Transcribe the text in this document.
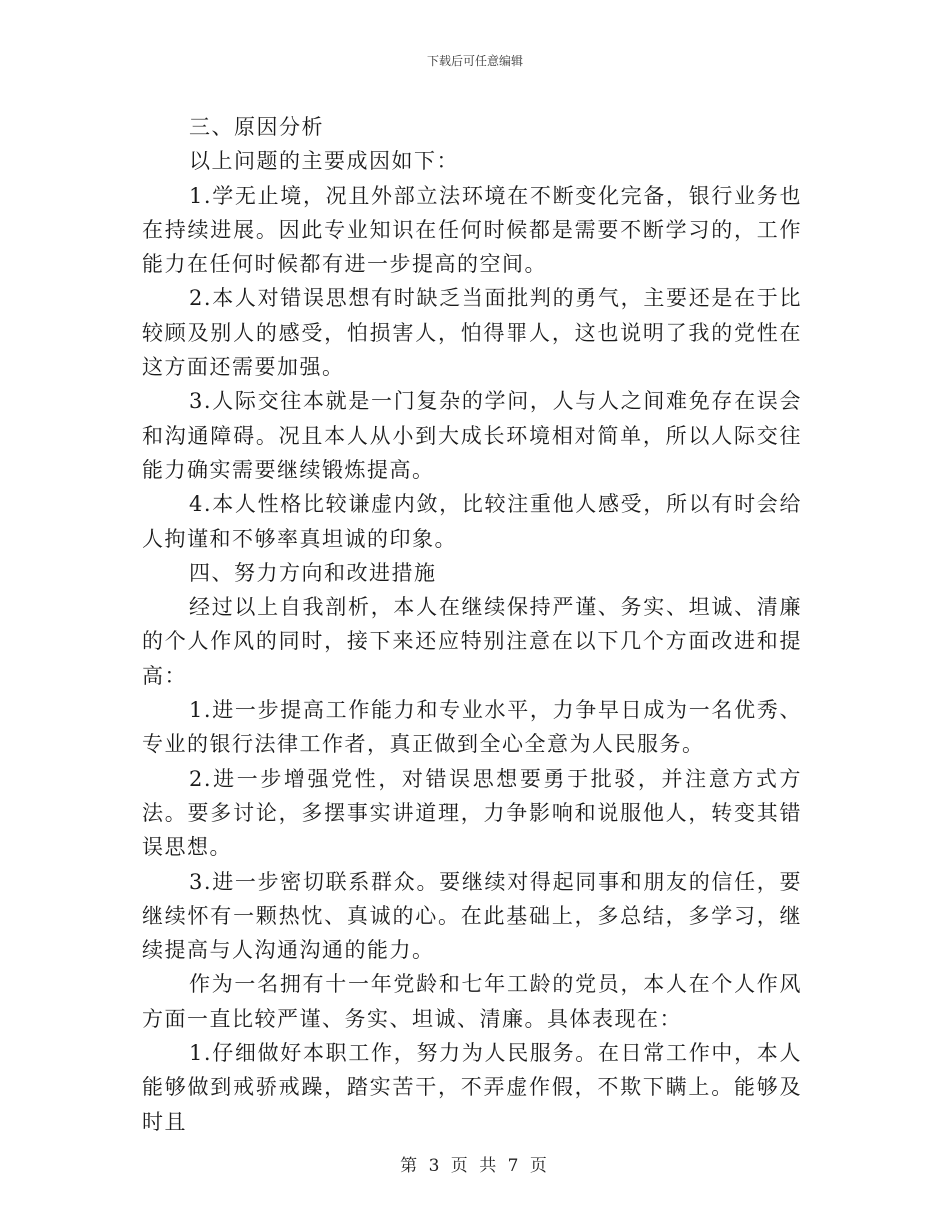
下载后可任意编辑

三、原因分析

以上问题的主要成因如下：

1.学无止境，况且外部立法环境在不断变化完备，银行业务也在持续进展。因此专业知识在任何时候都是需要不断学习的，工作能力在任何时候都有进一步提高的空间。

2.本人对错误思想有时缺乏当面批判的勇气，主要还是在于比较顾及别人的感受，怕损害人，怕得罪人，这也说明了我的党性在这方面还需要加强。

3.人际交往本就是一门复杂的学问，人与人之间难免存在误会和沟通障碍。况且本人从小到大成长环境相对简单，所以人际交往能力确实需要继续锻炼提高。

4.本人性格比较谦虚内敛，比较注重他人感受，所以有时会给人拘谨和不够率真坦诚的印象。

四、努力方向和改进措施

经过以上自我剖析，本人在继续保持严谨、务实、坦诚、清廉的个人作风的同时，接下来还应特别注意在以下几个方面改进和提高：

1.进一步提高工作能力和专业水平，力争早日成为一名优秀、专业的银行法律工作者，真正做到全心全意为人民服务。

2.进一步增强党性，对错误思想要勇于批驳，并注意方式方法。要多讨论，多摆事实讲道理，力争影响和说服他人，转变其错误思想。

3.进一步密切联系群众。要继续对得起同事和朋友的信任，要继续怀有一颗热忱、真诚的心。在此基础上，多总结，多学习，继续提高与人沟通沟通的能力。

作为一名拥有十一年党龄和七年工龄的党员，本人在个人作风方面一直比较严谨、务实、坦诚、清廉。具体表现在：

1.仔细做好本职工作，努力为人民服务。在日常工作中，本人能够做到戒骄戒躁，踏实苦干，不弄虚作假，不欺下瞒上。能够及时且

第 3 页 共 7 页
